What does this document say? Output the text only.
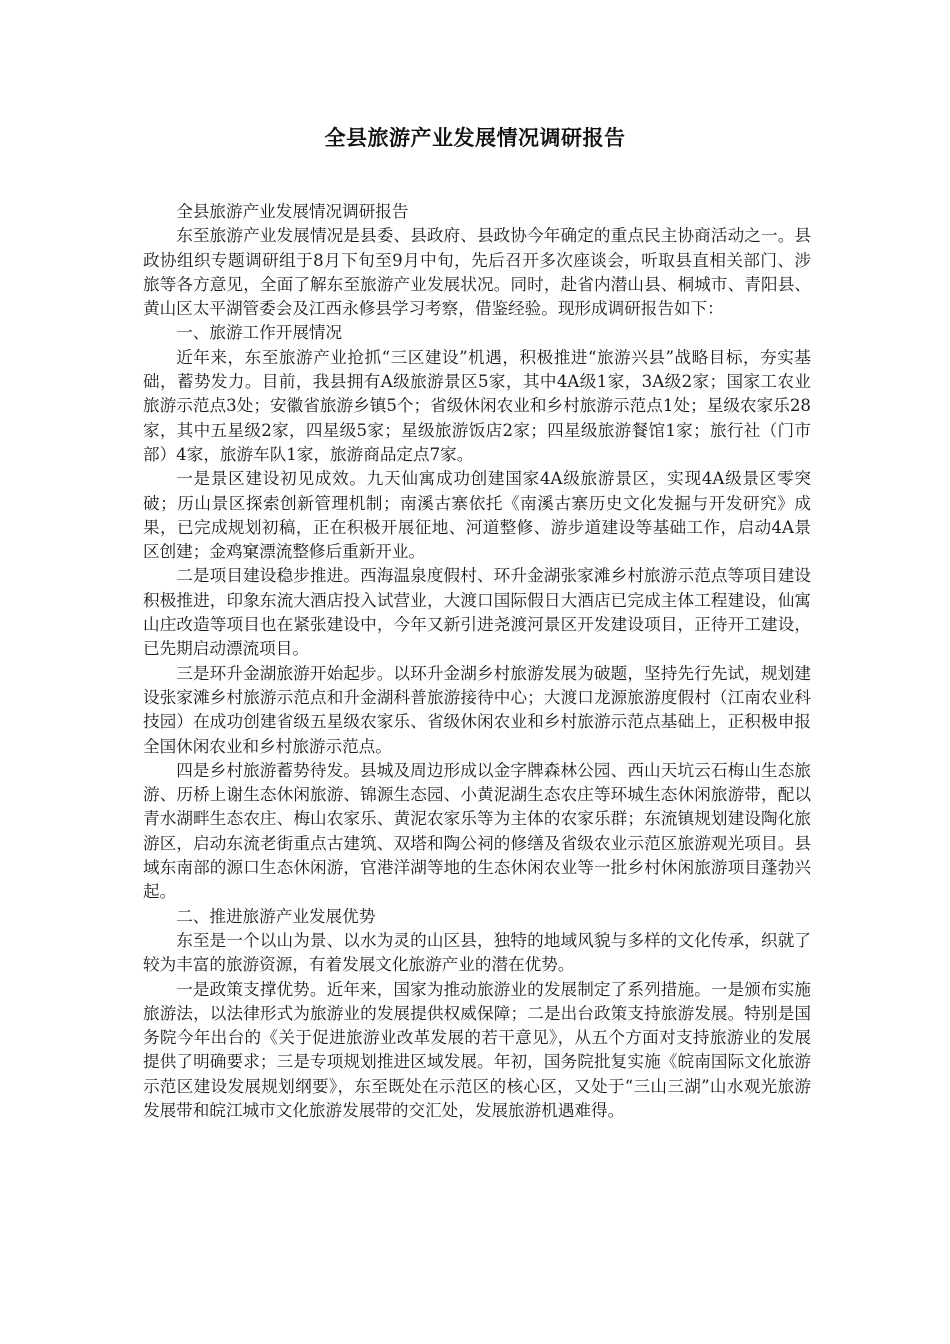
全县旅游产业发展情况调研报告

全县旅游产业发展情况调研报告

东至旅游产业发展情况是县委、县政府、县政协今年确定的重点民主协商活动之一。县政协组织专题调研组于8月下旬至9月中旬，先后召开多次座谈会，听取县直相关部门、涉旅等各方意见，全面了解东至旅游产业发展状况。同时，赴省内潜山县、桐城市、青阳县、黄山区太平湖管委会及江西永修县学习考察，借鉴经验。现形成调研报告如下：

一、旅游工作开展情况

近年来，东至旅游产业抢抓“三区建设”机遇，积极推进“旅游兴县”战略目标，夯实基础，蓄势发力。目前，我县拥有A级旅游景区5家，其中4A级1家，3A级2家；国家工农业旅游示范点3处；安徽省旅游乡镇5个；省级休闲农业和乡村旅游示范点1处；星级农家乐28家，其中五星级2家，四星级5家；星级旅游饭店2家；四星级旅游餐馆1家；旅行社（门市部）4家，旅游车队1家，旅游商品定点7家。

一是景区建设初见成效。九天仙寓成功创建国家4A级旅游景区，实现4A级景区零突破；历山景区探索创新管理机制；南溪古寨依托《南溪古寨历史文化发掘与开发研究》成果，已完成规划初稿，正在积极开展征地、河道整修、游步道建设等基础工作，启动4A景区创建；金鸡窠漂流整修后重新开业。

二是项目建设稳步推进。西海温泉度假村、环升金湖张家滩乡村旅游示范点等项目建设积极推进，印象东流大酒店投入试营业，大渡口国际假日大酒店已完成主体工程建设，仙寓山庄改造等项目也在紧张建设中，今年又新引进尧渡河景区开发建设项目，正待开工建设，已先期启动漂流项目。

三是环升金湖旅游开始起步。以环升金湖乡村旅游发展为破题，坚持先行先试，规划建设张家滩乡村旅游示范点和升金湖科普旅游接待中心；大渡口龙源旅游度假村（江南农业科技园）在成功创建省级五星级农家乐、省级休闲农业和乡村旅游示范点基础上，正积极申报全国休闲农业和乡村旅游示范点。

四是乡村旅游蓄势待发。县城及周边形成以金字牌森林公园、西山天坑云石梅山生态旅游、历桥上谢生态休闲旅游、锦源生态园、小黄泥湖生态农庄等环城生态休闲旅游带，配以青水湖畔生态农庄、梅山农家乐、黄泥农家乐等为主体的农家乐群；东流镇规划建设陶化旅游区，启动东流老街重点古建筑、双塔和陶公祠的修缮及省级农业示范区旅游观光项目。县域东南部的源口生态休闲游，官港洋湖等地的生态休闲农业等一批乡村休闲旅游项目蓬勃兴起。

二、推进旅游产业发展优势

东至是一个以山为景、以水为灵的山区县，独特的地域风貌与多样的文化传承，织就了较为丰富的旅游资源，有着发展文化旅游产业的潜在优势。

一是政策支撑优势。近年来，国家为推动旅游业的发展制定了系列措施。一是颁布实施旅游法，以法律形式为旅游业的发展提供权威保障；二是出台政策支持旅游发展。特别是国务院今年出台的《关于促进旅游业改革发展的若干意见》，从五个方面对支持旅游业的发展提供了明确要求；三是专项规划推进区域发展。年初，国务院批复实施《皖南国际文化旅游示范区建设发展规划纲要》，东至既处在示范区的核心区，又处于“三山三湖”山水观光旅游发展带和皖江城市文化旅游发展带的交汇处，发展旅游机遇难得。
